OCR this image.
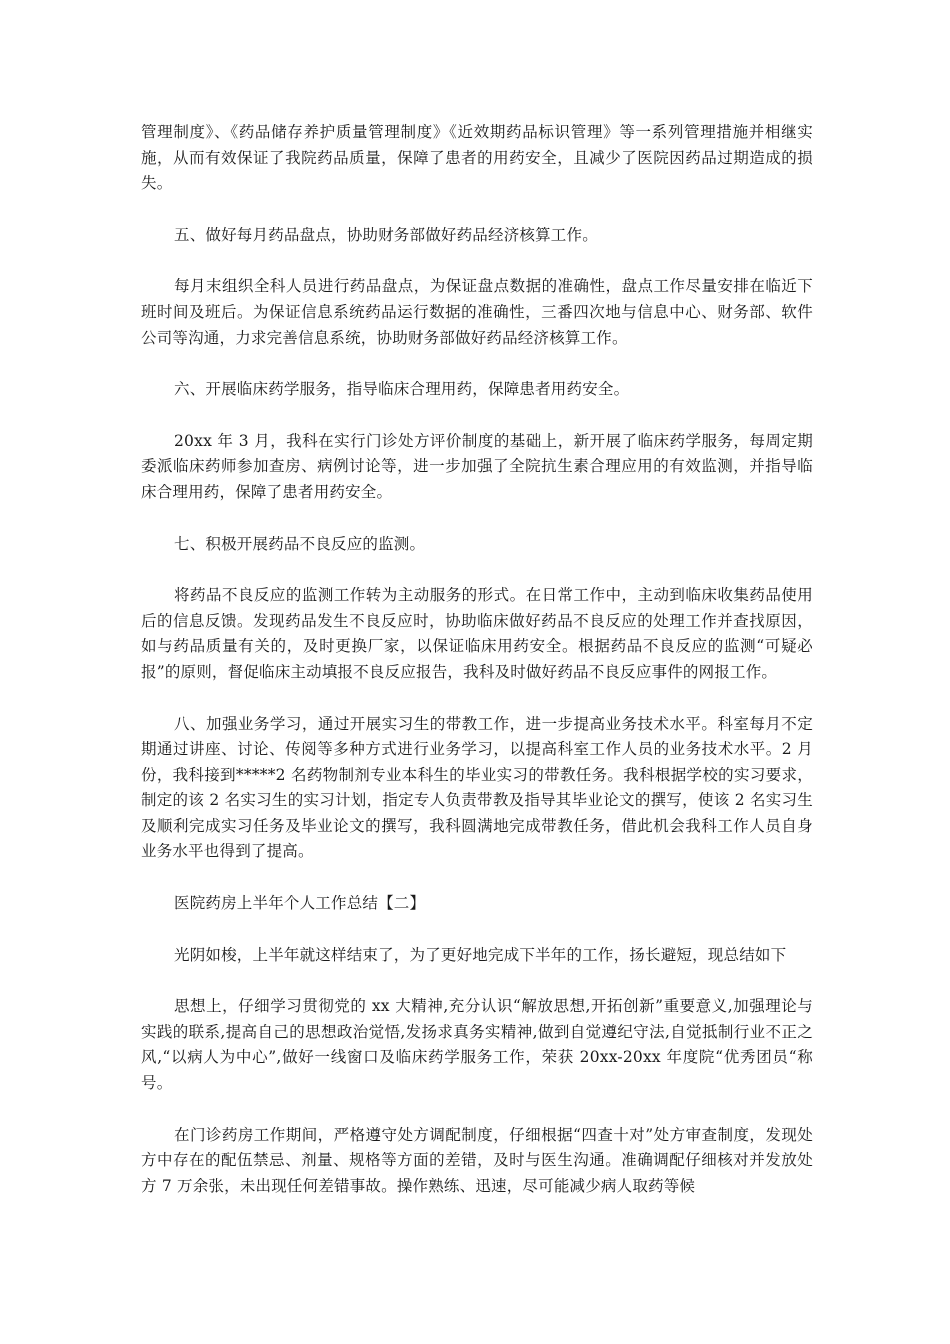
管理制度》、《药品储存养护质量管理制度》《近效期药品标识管理》等一系列管理措施并相继实施，从而有效保证了我院药品质量，保障了患者的用药安全，且减少了医院因药品过期造成的损失。

五、做好每月药品盘点，协助财务部做好药品经济核算工作。

每月末组织全科人员进行药品盘点，为保证盘点数据的准确性，盘点工作尽量安排在临近下班时间及班后。为保证信息系统药品运行数据的准确性，三番四次地与信息中心、财务部、软件公司等沟通，力求完善信息系统，协助财务部做好药品经济核算工作。

六、开展临床药学服务，指导临床合理用药，保障患者用药安全。

20xx 年 3 月，我科在实行门诊处方评价制度的基础上，新开展了临床药学服务，每周定期委派临床药师参加查房、病例讨论等，进一步加强了全院抗生素合理应用的有效监测，并指导临床合理用药，保障了患者用药安全。

七、积极开展药品不良反应的监测。

将药品不良反应的监测工作转为主动服务的形式。在日常工作中，主动到临床收集药品使用后的信息反馈。发现药品发生不良反应时，协助临床做好药品不良反应的处理工作并查找原因，如与药品质量有关的，及时更换厂家，以保证临床用药安全。根据药品不良反应的监测“可疑必报”的原则，督促临床主动填报不良反应报告，我科及时做好药品不良反应事件的网报工作。

八、加强业务学习，通过开展实习生的带教工作，进一步提高业务技术水平。科室每月不定期通过讲座、讨论、传阅等多种方式进行业务学习，以提高科室工作人员的业务技术水平。2 月份，我科接到*****2 名药物制剂专业本科生的毕业实习的带教任务。我科根据学校的实习要求，制定的该 2 名实习生的实习计划，指定专人负责带教及指导其毕业论文的撰写，使该 2 名实习生及顺利完成实习任务及毕业论文的撰写，我科圆满地完成带教任务，借此机会我科工作人员自身业务水平也得到了提高。

医院药房上半年个人工作总结【二】

光阴如梭，上半年就这样结束了，为了更好地完成下半年的工作，扬长避短，现总结如下

思想上，仔细学习贯彻党的 xx 大精神,充分认识“解放思想,开拓创新”重要意义,加强理论与实践的联系,提高自己的思想政治觉悟,发扬求真务实精神,做到自觉遵纪守法,自觉抵制行业不正之风,“以病人为中心”,做好一线窗口及临床药学服务工作，荣获 20xx-20xx 年度院“优秀团员“称号。

在门诊药房工作期间，严格遵守处方调配制度，仔细根据“四查十对”处方审查制度，发现处方中存在的配伍禁忌、剂量、规格等方面的差错，及时与医生沟通。准确调配仔细核对并发放处方 7 万余张，未出现任何差错事故。操作熟练、迅速，尽可能减少病人取药等候
